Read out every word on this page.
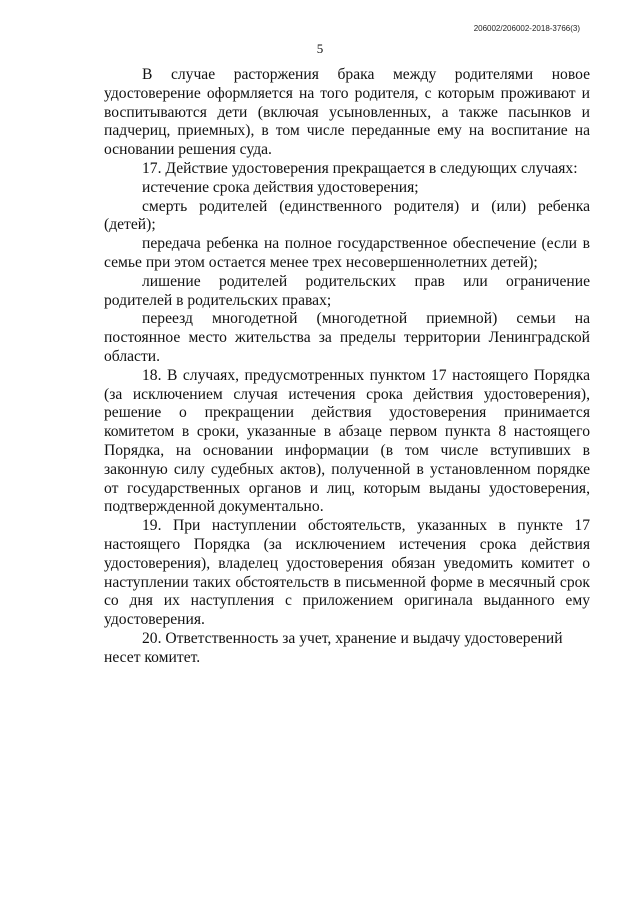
206002/206002-2018-3766(3)
5

В случае расторжения брака между родителями новое удостоверение оформляется на того родителя, с которым проживают и воспитываются дети (включая усыновленных, а также пасынков и падчериц, приемных), в том числе переданные ему на воспитание на основании решения суда.

17. Действие удостоверения прекращается в следующих случаях:

истечение срока действия удостоверения;

смерть родителей (единственного родителя) и (или) ребенка (детей);

передача ребенка на полное государственное обеспечение (если в семье при этом остается менее трех несовершеннолетних детей);

лишение родителей родительских прав или ограничение родителей в родительских правах;

переезд многодетной (многодетной приемной) семьи на постоянное место жительства за пределы территории Ленинградской области.

18. В случаях, предусмотренных пунктом 17 настоящего Порядка (за исключением случая истечения срока действия удостоверения), решение о прекращении действия удостоверения принимается комитетом в сроки, указанные в абзаце первом пункта 8 настоящего Порядка, на основании информации (в том числе вступивших в законную силу судебных актов), полученной в установленном порядке от государственных органов и лиц, которым выданы удостоверения, подтвержденной документально.

19. При наступлении обстоятельств, указанных в пункте 17 настоящего Порядка (за исключением истечения срока действия удостоверения), владелец удостоверения обязан уведомить комитет о наступлении таких обстоятельств в письменной форме в месячный срок со дня их наступления с приложением оригинала выданного ему удостоверения.

20. Ответственность за учет, хранение и выдачу удостоверений несет комитет.
